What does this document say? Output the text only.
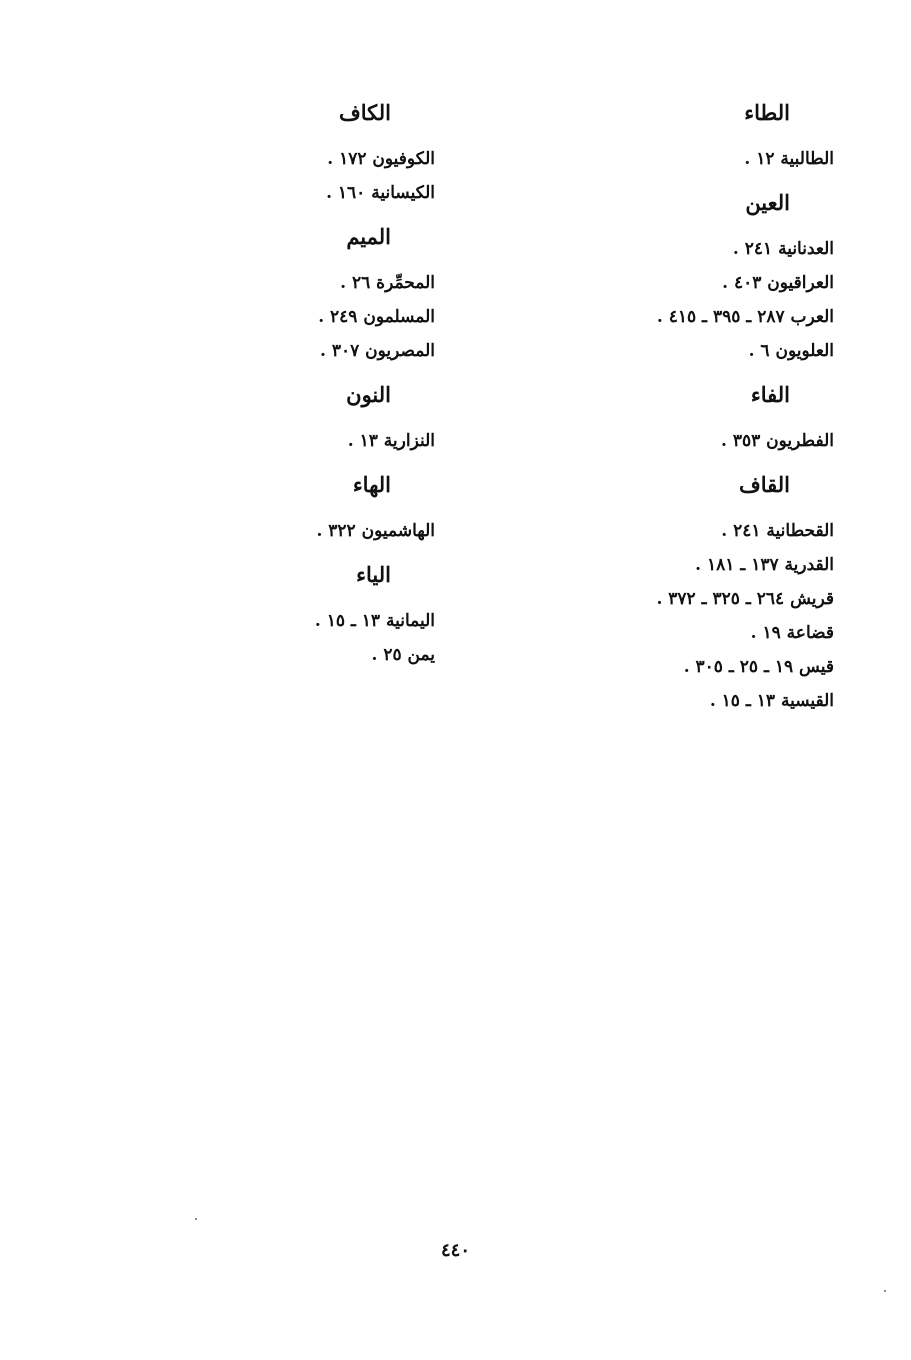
الطاء
الطالبية ١٢ .
العين
العدنانية ٢٤١ .
العراقيون ٤٠٣ .
العرب ٢٨٧ ـ ٣٩٥ ـ ٤١٥ .
العلويون ٦ .
الفاء
الفطريون ٣٥٣ .
القاف
القحطانية ٢٤١ .
القدرية ١٣٧ ـ ١٨١ .
قريش ٢٦٤ ـ ٣٢٥ ـ ٣٧٢ .
قضاعة ١٩ .
قيس ١٩ ـ ٢٥ ـ ٣٠٥ .
القيسية ١٣ ـ ١٥ .
الكاف
الكوفيون ١٧٢ .
الكيسانية ١٦٠ .
الميم
المحمِّرة ٢٦ .
المسلمون ٢٤٩ .
المصريون ٣٠٧ .
النون
النزارية ١٣ .
الهاء
الهاشميون ٣٢٢ .
الياء
اليمانية ١٣ ـ ١٥ .
يمن ٢٥ .
٤٤٠
